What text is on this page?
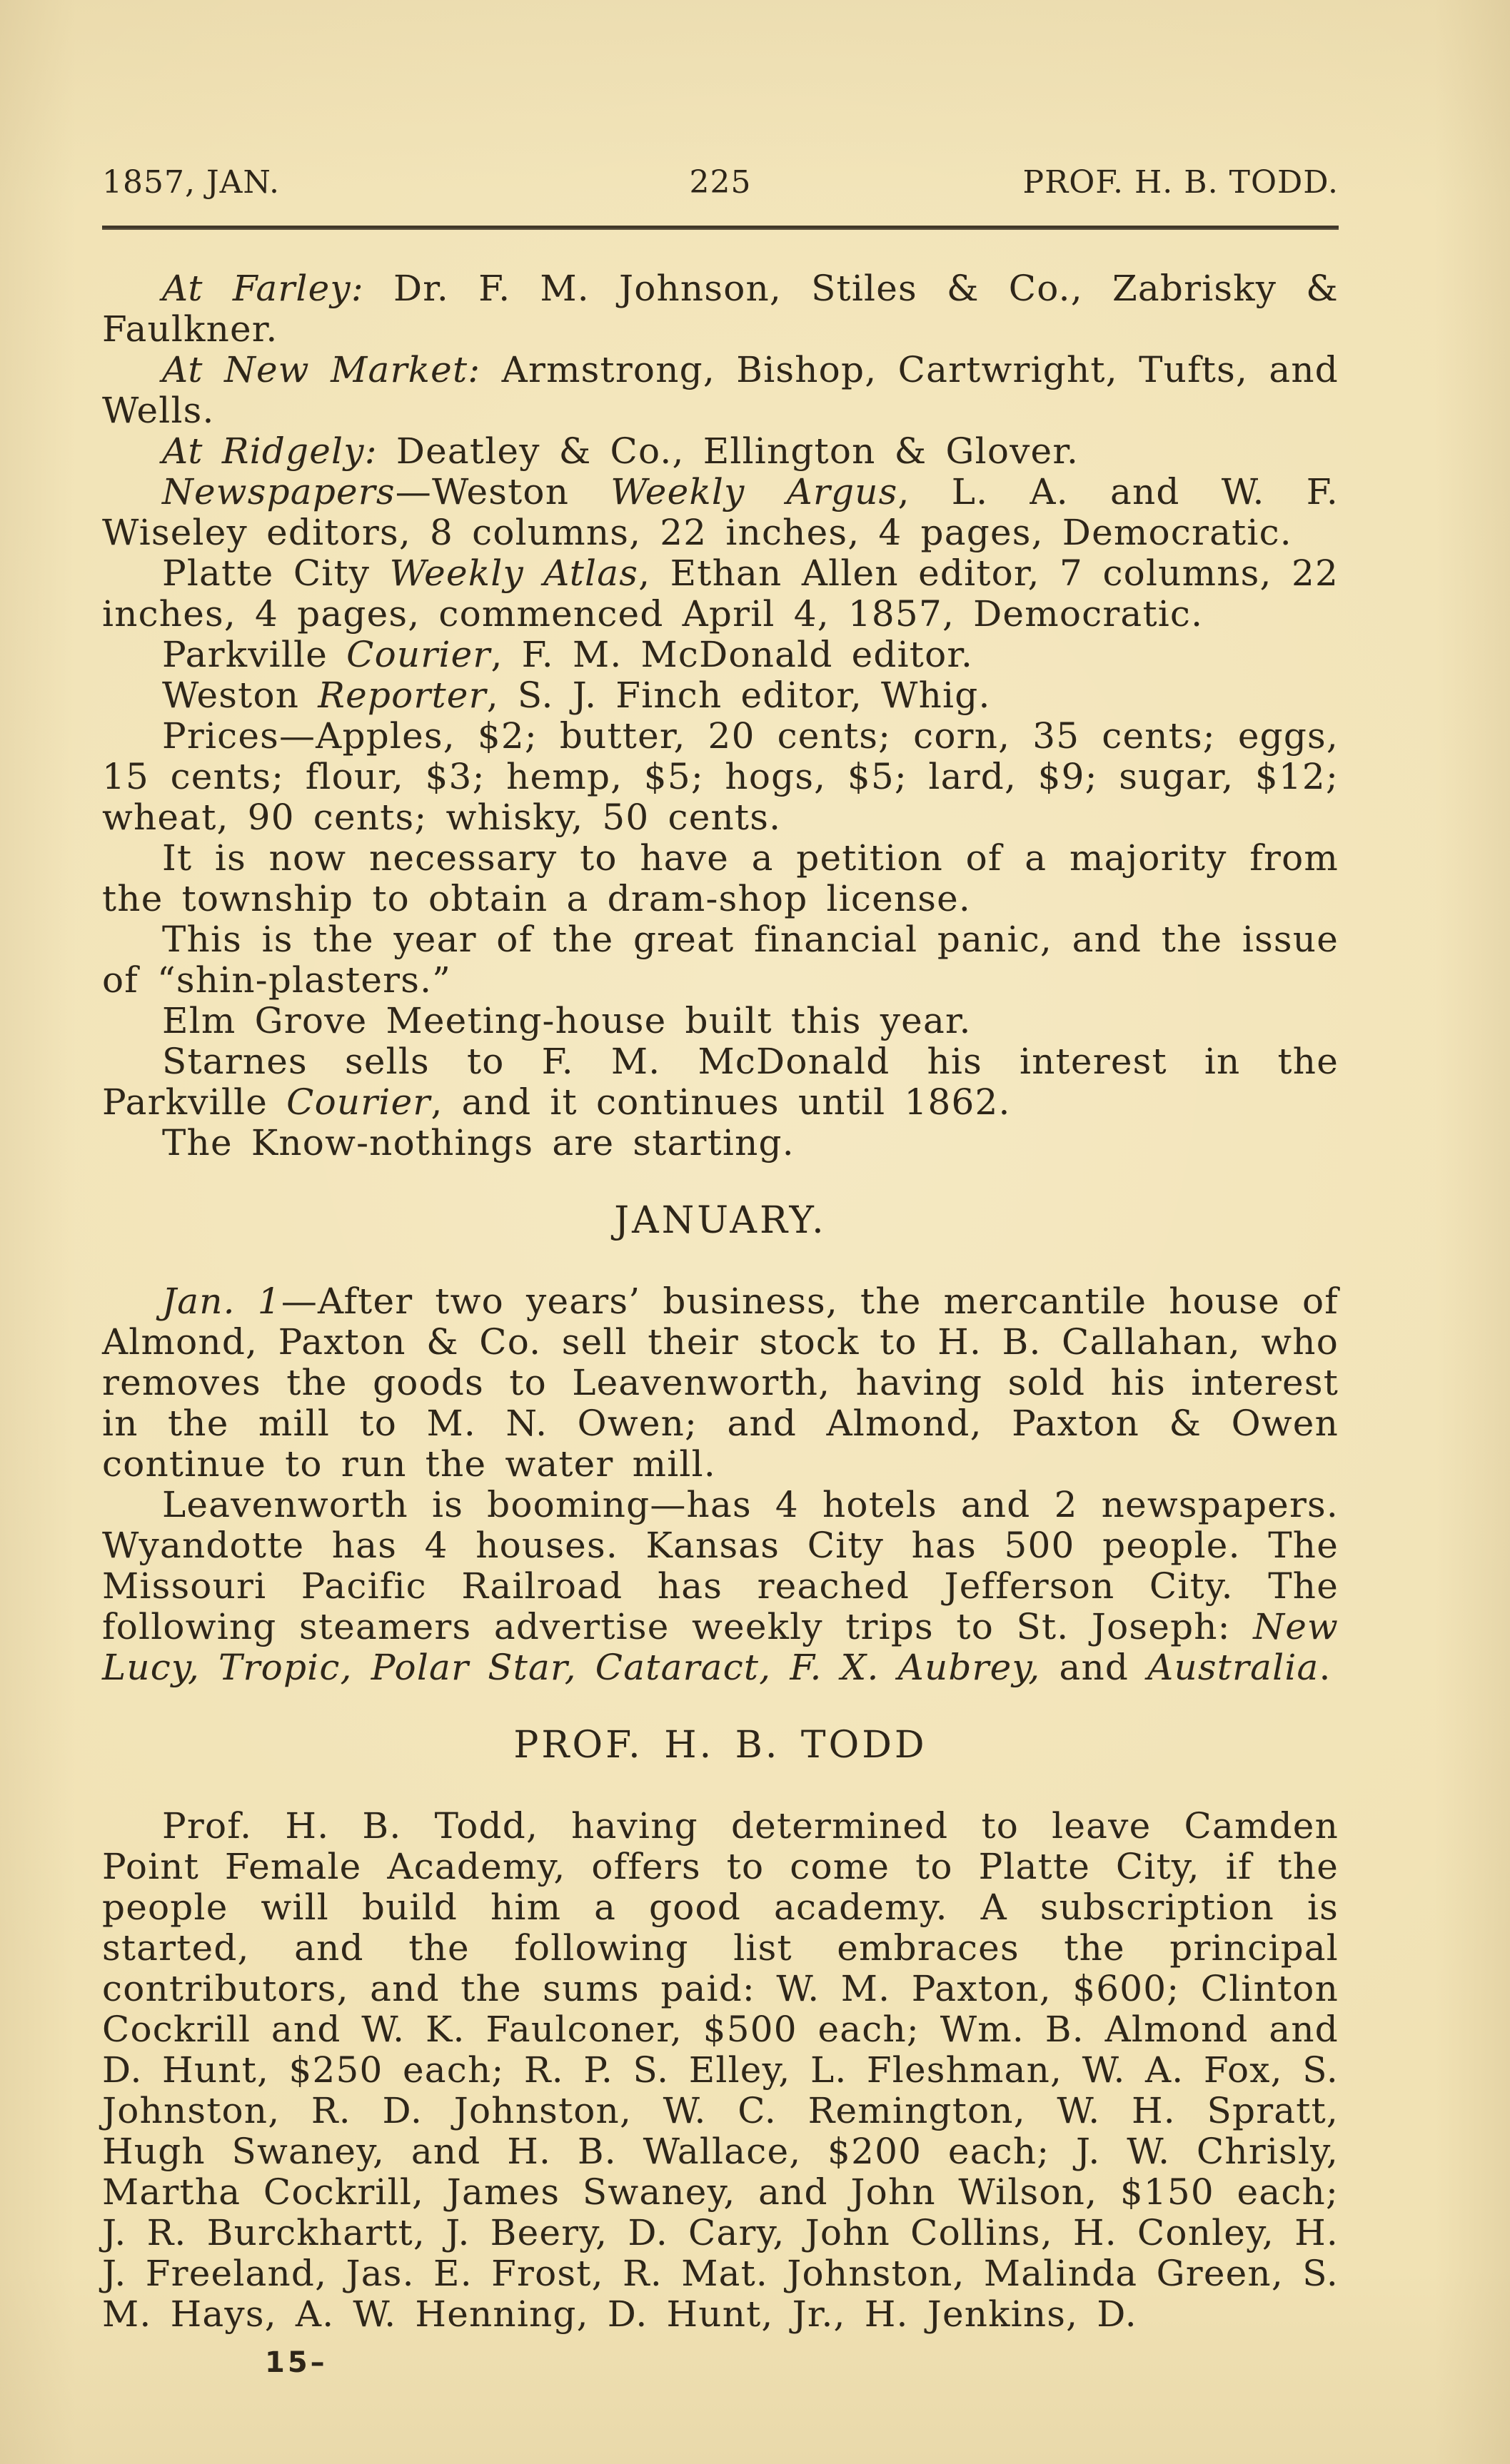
1857, JAN.	225	PROF. H. B. TODD.

At Farley: Dr. F. M. Johnson, Stiles & Co., Zabrisky & Faulkner.

At New Market: Armstrong, Bishop, Cartwright, Tufts, and Wells.

At Ridgely: Deatley & Co., Ellington & Glover.

Newspapers—Weston Weekly Argus, L. A. and W. F. Wiseley editors, 8 columns, 22 inches, 4 pages, Democratic.

Platte City Weekly Atlas, Ethan Allen editor, 7 columns, 22 inches, 4 pages, commenced April 4, 1857, Democratic.

Parkville Courier, F. M. McDonald editor.

Weston Reporter, S. J. Finch editor, Whig.

Prices—Apples, $2; butter, 20 cents; corn, 35 cents; eggs, 15 cents; flour, $3; hemp, $5; hogs, $5; lard, $9; sugar, $12; wheat, 90 cents; whisky, 50 cents.

It is now necessary to have a petition of a majority from the township to obtain a dram-shop license.

This is the year of the great financial panic, and the issue of “shin-plasters.”

Elm Grove Meeting-house built this year.

Starnes sells to F. M. McDonald his interest in the Parkville Courier, and it continues until 1862.

The Know-nothings are starting.

JANUARY.

Jan. 1—After two years’ business, the mercantile house of Almond, Paxton & Co. sell their stock to H. B. Callahan, who removes the goods to Leavenworth, having sold his interest in the mill to M. N. Owen; and Almond, Paxton & Owen continue to run the water mill.

Leavenworth is booming—has 4 hotels and 2 newspapers. Wyandotte has 4 houses. Kansas City has 500 people. The Missouri Pacific Railroad has reached Jefferson City. The following steamers advertise weekly trips to St. Joseph: New Lucy, Tropic, Polar Star, Cataract, F. X. Aubrey, and Australia.

PROF. H. B. TODD

Prof. H. B. Todd, having determined to leave Camden Point Female Academy, offers to come to Platte City, if the people will build him a good academy. A subscription is started, and the following list embraces the principal contributors, and the sums paid: W. M. Paxton, $600; Clinton Cockrill and W. K. Faulconer, $500 each; Wm. B. Almond and D. Hunt, $250 each; R. P. S. Elley, L. Fleshman, W. A. Fox, S. Johnston, R. D. Johnston, W. C. Remington, W. H. Spratt, Hugh Swaney, and H. B. Wallace, $200 each; J. W. Chrisly, Martha Cockrill, James Swaney, and John Wilson, $150 each; J. R. Burckhartt, J. Beery, D. Cary, John Collins, H. Conley, H. J. Freeland, Jas. E. Frost, R. Mat. Johnston, Malinda Green, S. M. Hays, A. W. Henning, D. Hunt, Jr., H. Jenkins, D.

15–
